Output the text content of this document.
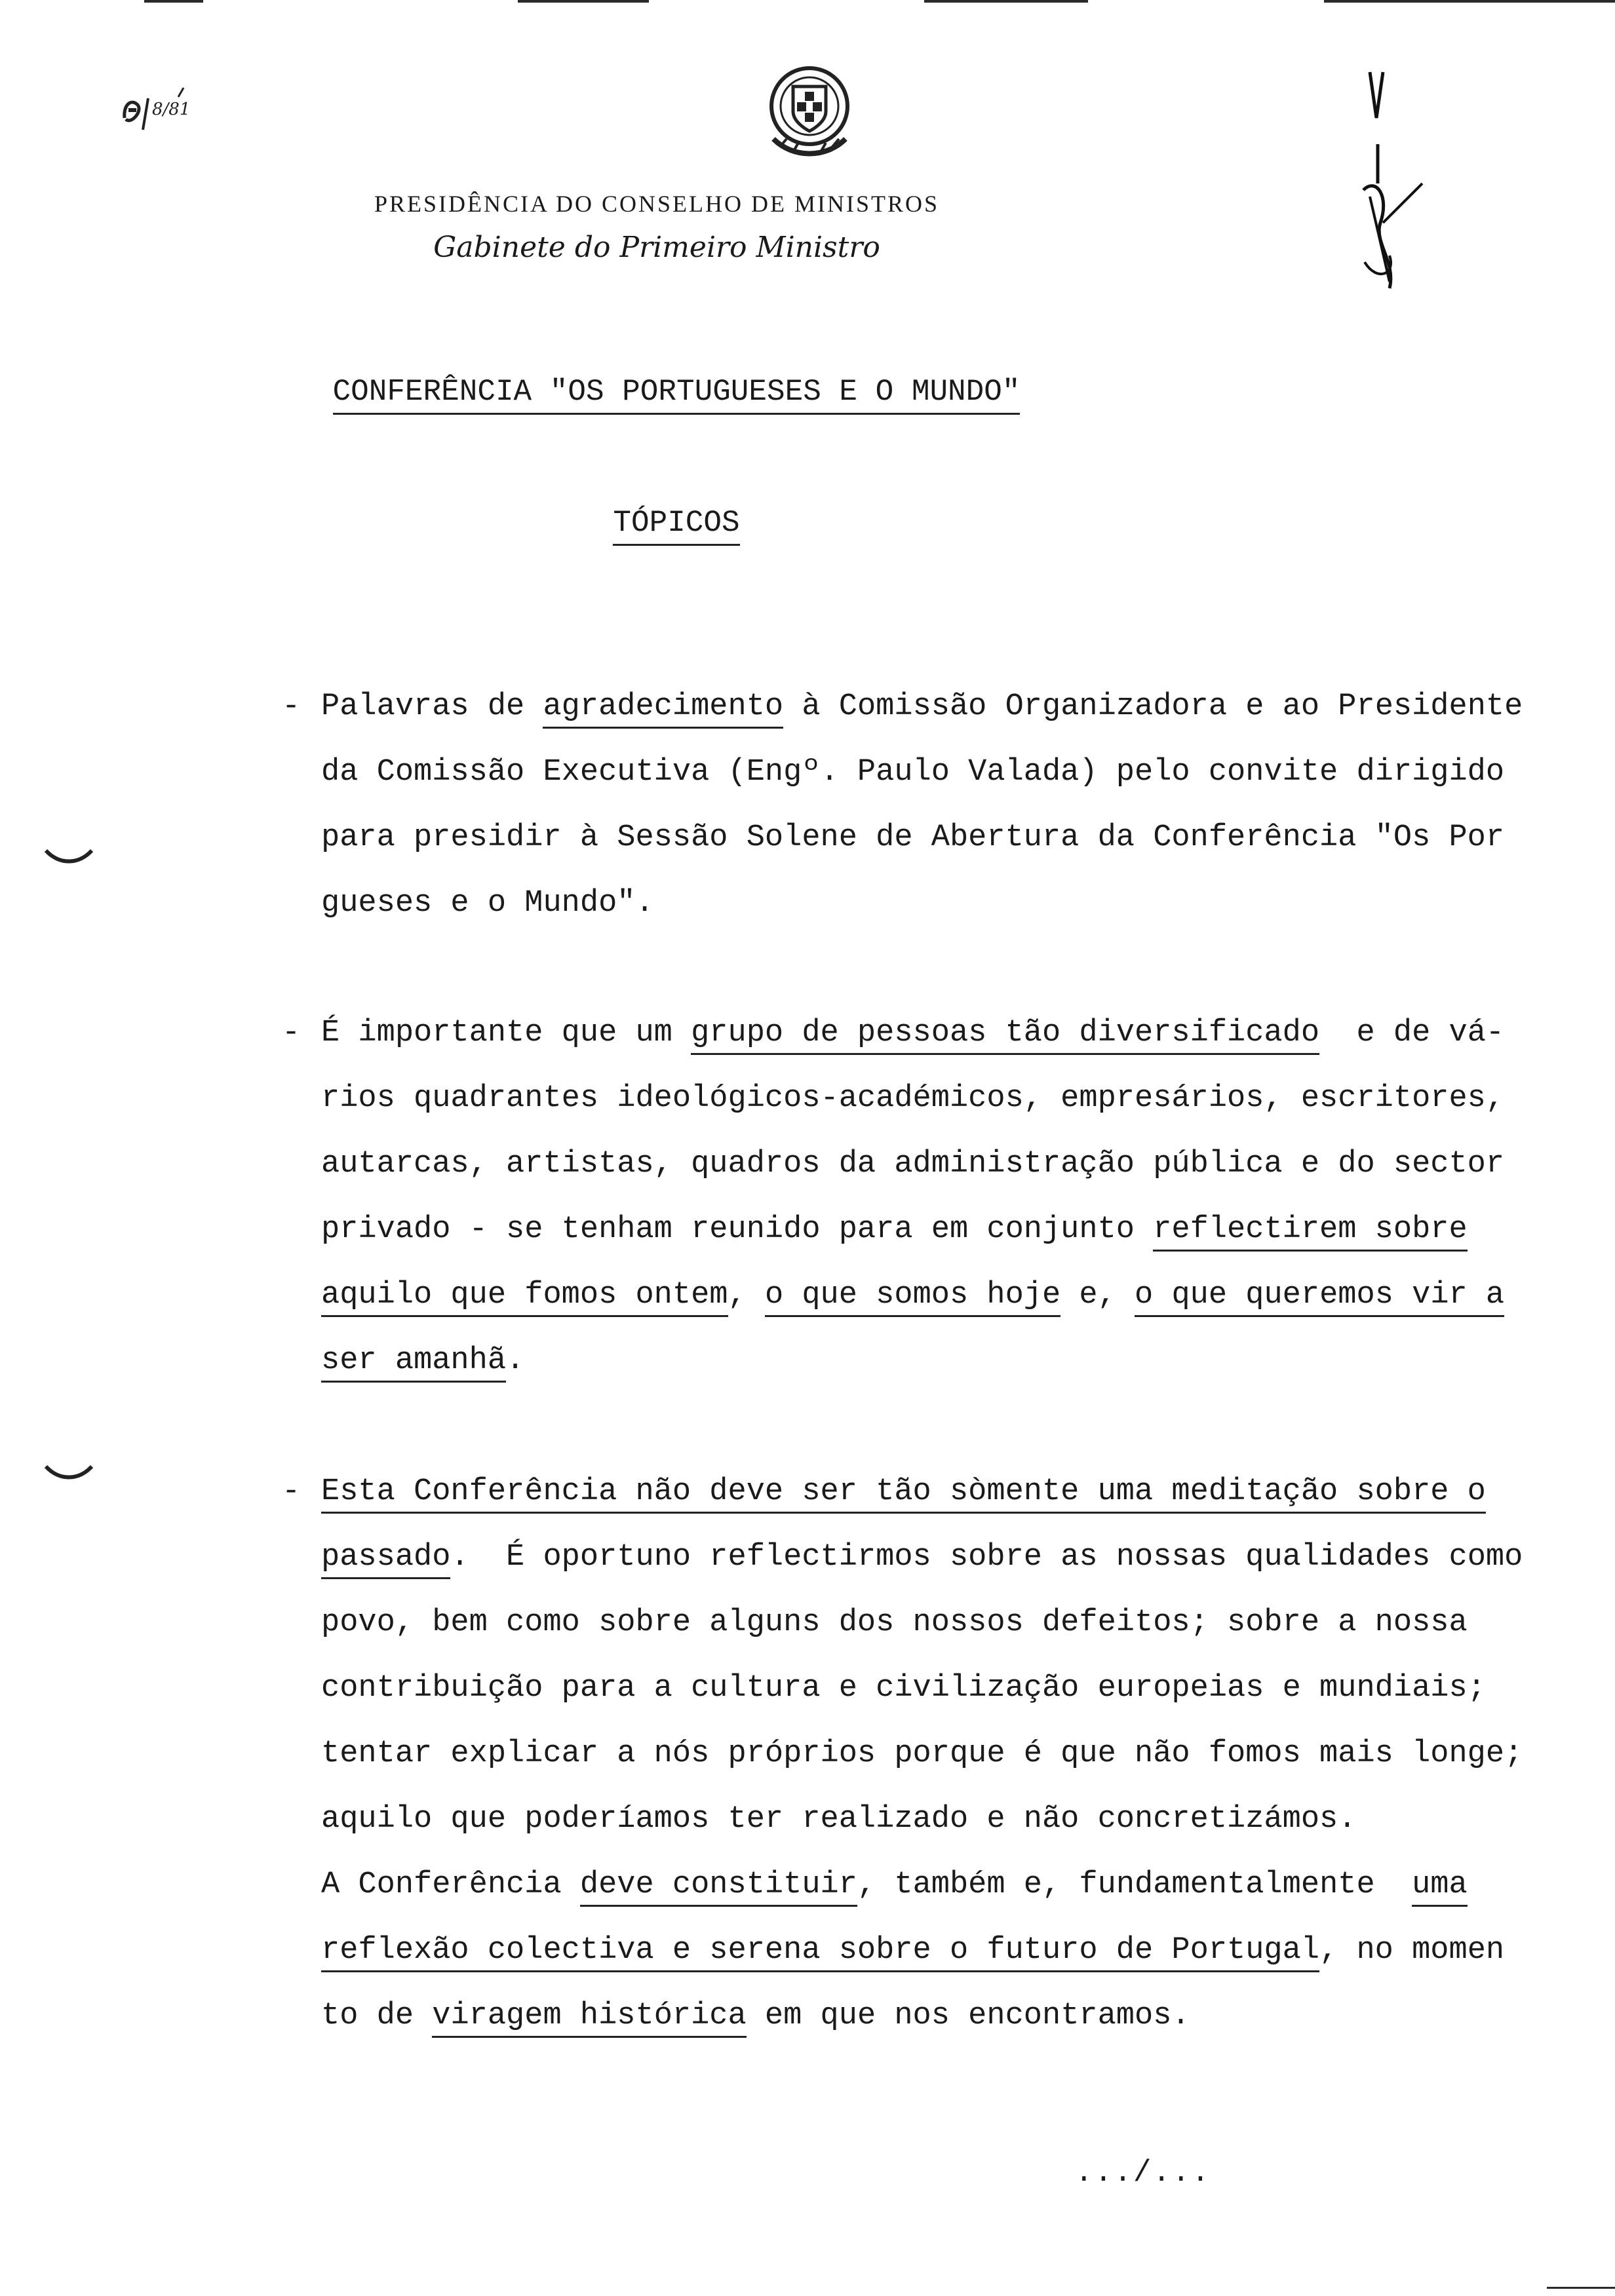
8/81
PRESIDÊNCIA DO CONSELHO DE MINISTROS
Gabinete do Primeiro Ministro
CONFERÊNCIA "OS PORTUGUESES E O MUNDO"
TÓPICOS
- Palavras de agradecimento à Comissão Organizadora e ao Presidente
da Comissão Executiva (Engº. Paulo Valada) pelo convite dirigido
para presidir à Sessão Solene de Abertura da Conferência "Os Por
gueses e o Mundo".
- É importante que um grupo de pessoas tão diversificado  e de vá-
rios quadrantes ideológicos-académicos, empresários, escritores,
autarcas, artistas, quadros da administração pública e do sector
privado - se tenham reunido para em conjunto reflectirem sobre
aquilo que fomos ontem, o que somos hoje e, o que queremos vir a
ser amanhã.
- Esta Conferência não deve ser tão sòmente uma meditação sobre o
passado.  É oportuno reflectirmos sobre as nossas qualidades como
povo, bem como sobre alguns dos nossos defeitos; sobre a nossa
contribuição para a cultura e civilização europeias e mundiais;
tentar explicar a nós próprios porque é que não fomos mais longe;
aquilo que poderíamos ter realizado e não concretizámos.
A Conferência deve constituir, também e, fundamentalmente  uma
reflexão colectiva e serena sobre o futuro de Portugal, no momen
to de viragem histórica em que nos encontramos.
.../...
